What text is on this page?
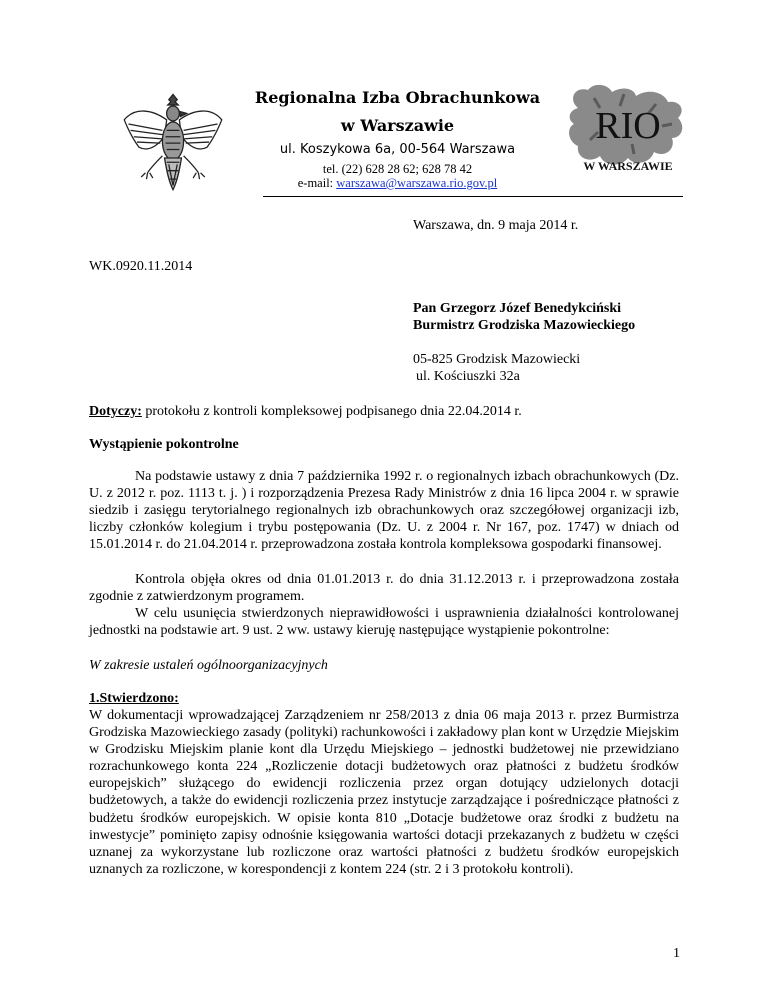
Regionalna Izba Obrachunkowa
w Warszawie
ul. Koszykowa 6a, 00-564 Warszawa
tel. (22) 628 28 62; 628 78 42
e-mail: warszawa@warszawa.rio.gov.pl
RIO
W WARSZAWIE
Warszawa, dn. 9 maja 2014 r.
WK.0920.11.2014
Pan Grzegorz Józef Benedykciński
Burmistrz Grodziska Mazowieckiego
05-825 Grodzisk Mazowiecki
ul. Kościuszki 32a
Dotyczy: protokołu z kontroli kompleksowej podpisanego dnia 22.04.2014 r.
Wystąpienie pokontrolne
Na podstawie ustawy z dnia 7 października 1992 r. o regionalnych izbach obrachunkowych (Dz. U. z 2012 r. poz. 1113 t. j. ) i rozporządzenia Prezesa Rady Ministrów z dnia 16 lipca 2004 r. w sprawie siedzib i zasięgu terytorialnego regionalnych izb obrachunkowych oraz szczegółowej organizacji izb, liczby członków kolegium i trybu postępowania (Dz. U. z 2004 r. Nr 167, poz. 1747) w dniach od 15.01.2014 r. do 21.04.2014 r. przeprowadzona została kontrola kompleksowa gospodarki finansowej.
Kontrola objęła okres od dnia 01.01.2013 r. do dnia 31.12.2013 r. i przeprowadzona została zgodnie z zatwierdzonym programem.
W celu usunięcia stwierdzonych nieprawidłowości i usprawnienia działalności kontrolowanej jednostki na podstawie art. 9 ust. 2 ww. ustawy kieruję następujące wystąpienie pokontrolne:
W zakresie ustaleń ogólnoorganizacyjnych
1.Stwierdzono:
W dokumentacji wprowadzającej Zarządzeniem nr 258/2013 z dnia 06 maja 2013 r. przez Burmistrza Grodziska Mazowieckiego zasady (polityki) rachunkowości i zakładowy plan kont w Urzędzie Miejskim w Grodzisku Miejskim planie kont dla Urzędu Miejskiego – jednostki budżetowej nie przewidziano rozrachunkowego konta 224 „Rozliczenie dotacji budżetowych oraz płatności z budżetu środków europejskich” służącego do ewidencji rozliczenia przez organ dotujący udzielonych dotacji budżetowych, a także do ewidencji rozliczenia przez instytucje zarządzające i pośredniczące płatności z budżetu środków europejskich. W opisie konta 810 „Dotacje budżetowe oraz środki z budżetu na inwestycje” pominięto zapisy odnośnie księgowania wartości dotacji przekazanych z budżetu w części uznanej za wykorzystane lub rozliczone oraz wartości płatności z budżetu środków europejskich uznanych za rozliczone, w korespondencji z kontem 224 (str. 2 i 3 protokołu kontroli).
1
